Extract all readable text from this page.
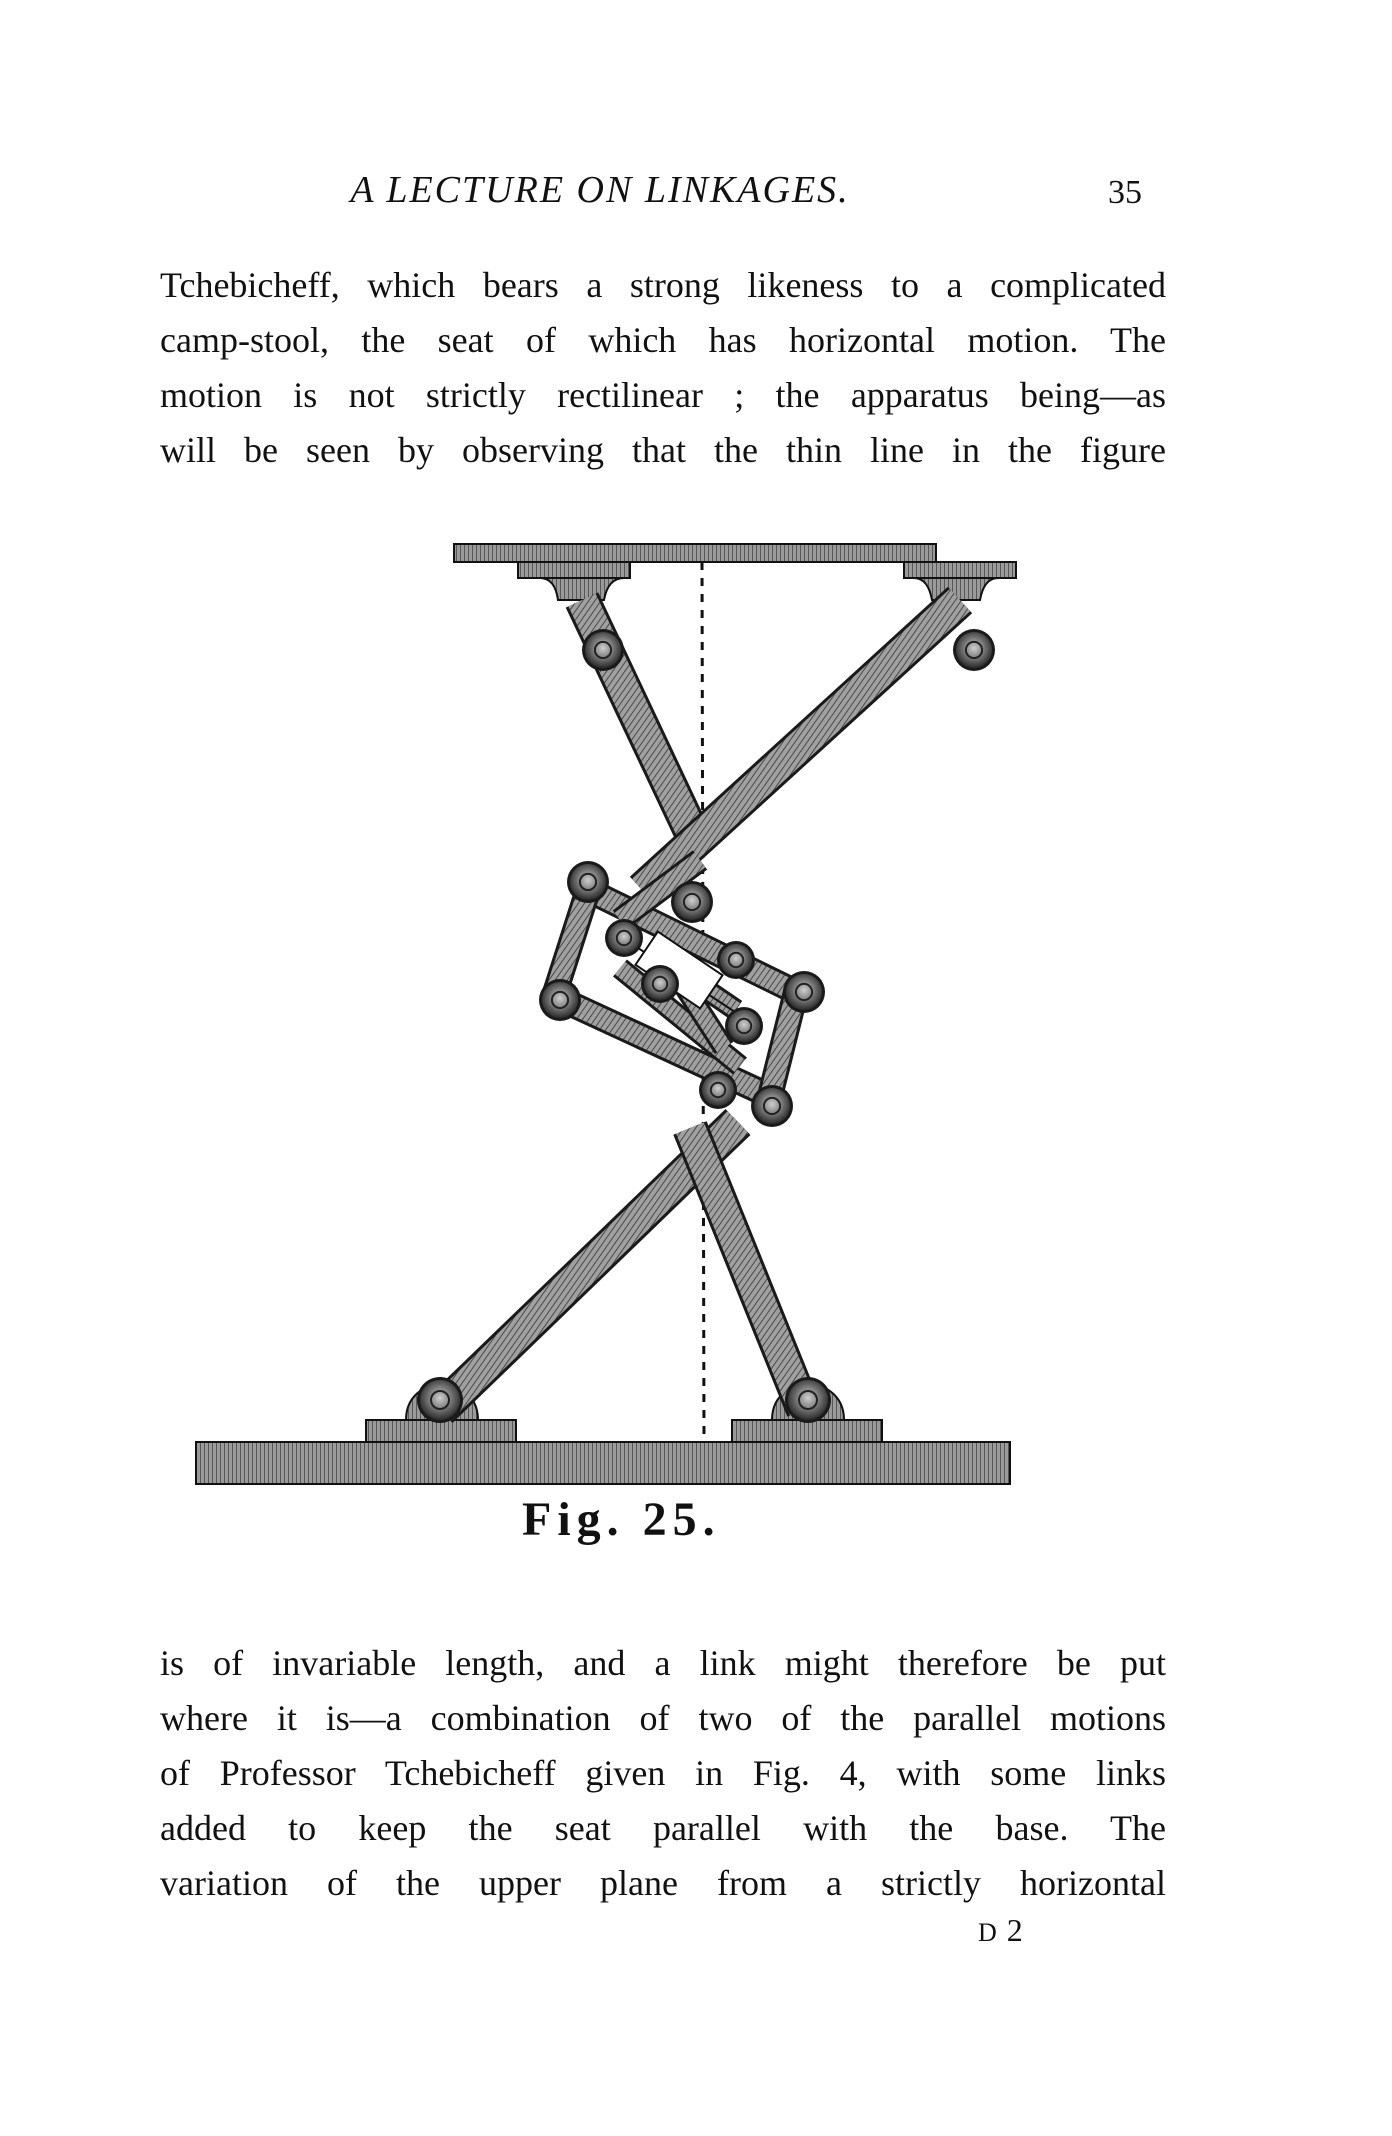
A LECTURE ON LINKAGES.	35
Tchebicheff, which bears a strong likeness to a complicated
camp-stool, the seat of which has horizontal motion. The
motion is not strictly rectilinear ; the apparatus being—as
will be seen by observing that the thin line in the figure
Fig. 25.
is of invariable length, and a link might therefore be put
where it is—a combination of two of the parallel motions
of Professor Tchebicheff given in Fig. 4, with some links
added to keep the seat parallel with the base. The
variation of the upper plane from a strictly horizontal
D 2
